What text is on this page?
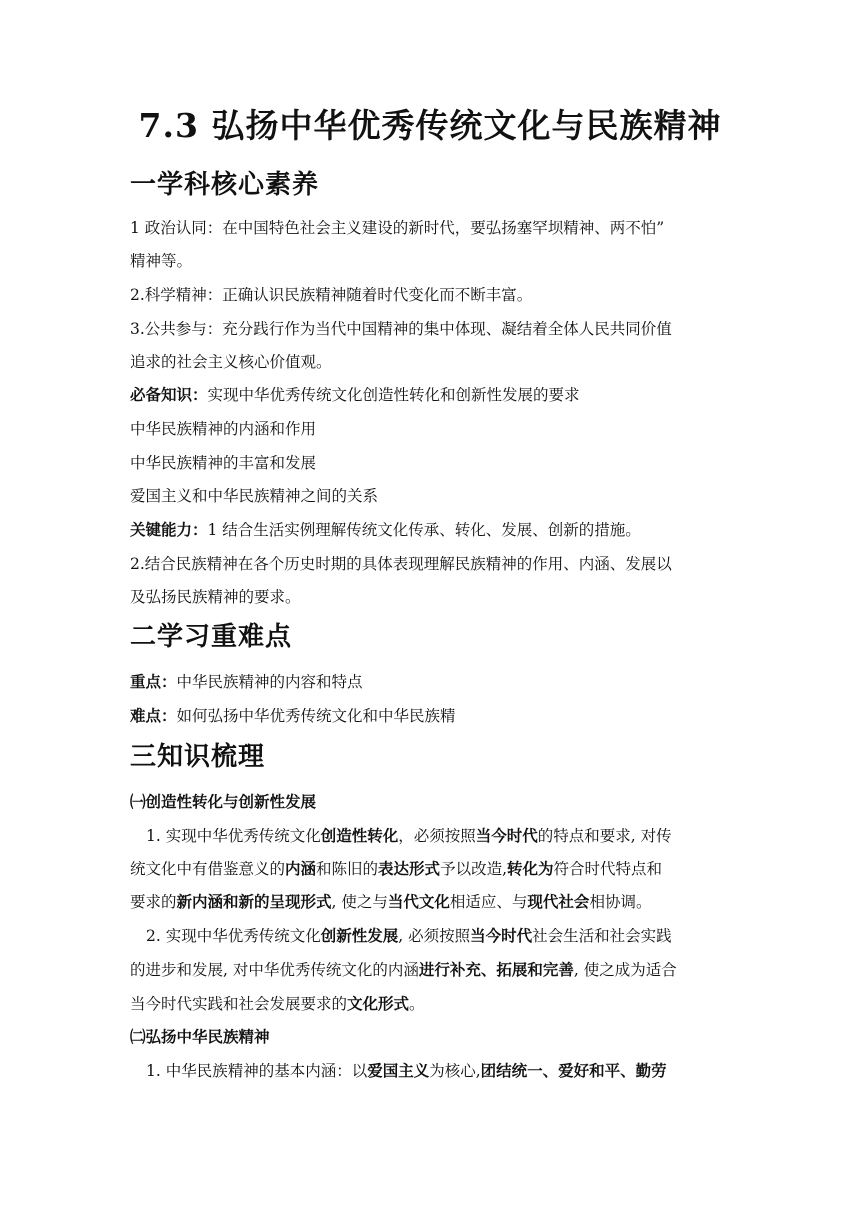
7.3 弘扬中华优秀传统文化与民族精神
一学科核心素养
1 政治认同：在中国特色社会主义建设的新时代，要弘扬塞罕坝精神、两不怕”
精神等。
2.科学精神：正确认识民族精神随着时代变化而不断丰富。
3.公共参与：充分践行作为当代中国精神的集中体现、凝结着全体人民共同价值
追求的社会主义核心价值观。
必备知识：实现中华优秀传统文化创造性转化和创新性发展的要求
中华民族精神的内涵和作用
中华民族精神的丰富和发展
爱国主义和中华民族精神之间的关系
关键能力：1 结合生活实例理解传统文化传承、转化、发展、创新的措施。
2.结合民族精神在各个历史时期的具体表现理解民族精神的作用、内涵、发展以
及弘扬民族精神的要求。
二学习重难点
重点：中华民族精神的内容和特点
难点：如何弘扬中华优秀传统文化和中华民族精
三知识梳理
㈠创造性转化与创新性发展
1. 实现中华优秀传统文化创造性转化，必须按照当今时代的特点和要求, 对传
统文化中有借鉴意义的内涵和陈旧的表达形式予以改造,转化为符合时代特点和
要求的新内涵和新的呈现形式, 使之与当代文化相适应、与现代社会相协调。
2. 实现中华优秀传统文化创新性发展, 必须按照当今时代社会生活和社会实践
的进步和发展, 对中华优秀传统文化的内涵进行补充、拓展和完善, 使之成为适合
当今时代实践和社会发展要求的文化形式。
㈡弘扬中华民族精神
1. 中华民族精神的基本内涵：以爱国主义为核心,团结统一、爱好和平、勤劳
